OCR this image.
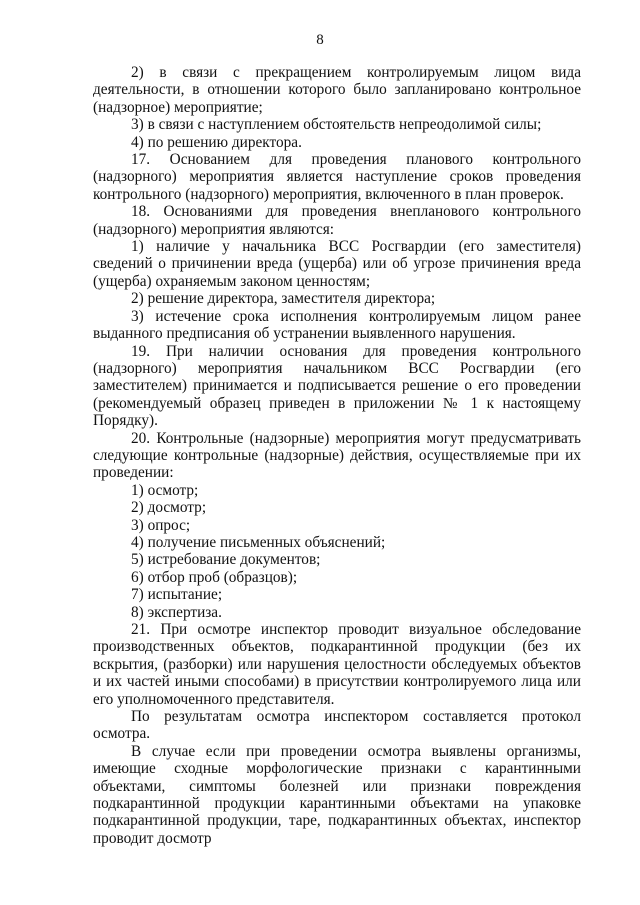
8

2) в связи с прекращением контролируемым лицом вида деятельности, в отношении которого было запланировано контрольное (надзорное) мероприятие;

3) в связи с наступлением обстоятельств непреодолимой силы;

4) по решению директора.

17. Основанием для проведения планового контрольного (надзорного) мероприятия является наступление сроков проведения контрольного (надзорного) мероприятия, включенного в план проверок.

18. Основаниями для проведения внепланового контрольного (надзорного) мероприятия являются:

1) наличие у начальника ВСС Росгвардии (его заместителя) сведений о причинении вреда (ущерба) или об угрозе причинения вреда (ущерба) охраняемым законом ценностям;

2) решение директора, заместителя директора;

3) истечение срока исполнения контролируемым лицом ранее выданного предписания об устранении выявленного нарушения.

19. При наличии основания для проведения контрольного (надзорного) мероприятия начальником ВСС Росгвардии (его заместителем) принимается и подписывается решение о его проведении (рекомендуемый образец приведен в приложении № 1 к настоящему Порядку).

20. Контрольные (надзорные) мероприятия могут предусматривать следующие контрольные (надзорные) действия, осуществляемые при их проведении:

1) осмотр;

2) досмотр;

3) опрос;

4) получение письменных объяснений;

5) истребование документов;

6) отбор проб (образцов);

7) испытание;

8) экспертиза.

21. При осмотре инспектор проводит визуальное обследование производственных объектов, подкарантинной продукции (без их вскрытия, (разборки) или нарушения целостности обследуемых объектов и их частей иными способами) в присутствии контролируемого лица или его уполномоченного представителя.

По результатам осмотра инспектором составляется протокол осмотра.

В случае если при проведении осмотра выявлены организмы, имеющие сходные морфологические признаки с карантинными объектами, симптомы болезней или признаки повреждения подкарантинной продукции карантинными объектами на упаковке подкарантинной продукции, таре, подкарантинных объектах, инспектор проводит досмотр
